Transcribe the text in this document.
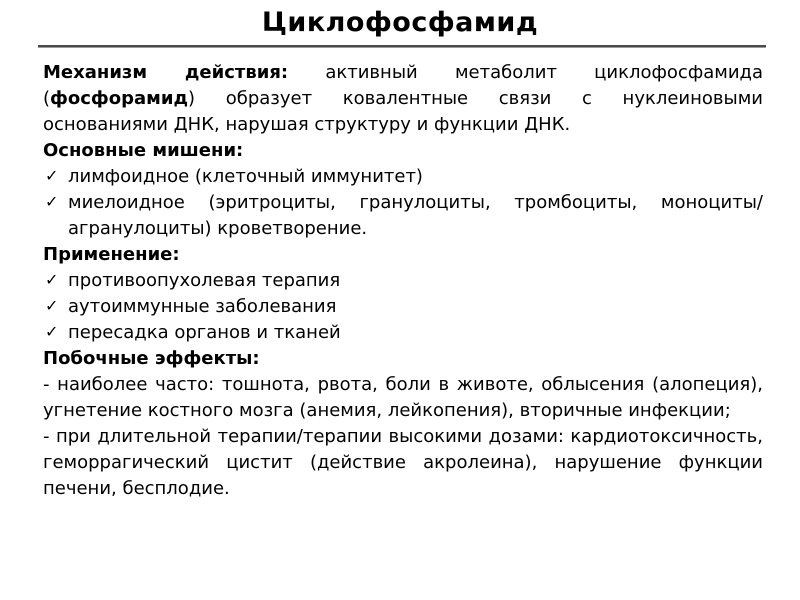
Циклофосфамид

Механизм действия: активный метаболит циклофосфамида (фосфорамид) образует ковалентные связи с нуклеиновыми основаниями ДНК, нарушая структуру и функции ДНК.

Основные мишени:

✓ лимфоидное (клеточный иммунитет)
✓ миелоидное (эритроциты, гранулоциты, тромбоциты, моноциты/агранулоциты) кроветворение.

Применение:

✓ противоопухолевая терапия
✓ аутоиммунные заболевания
✓ пересадка органов и тканей

Побочные эффекты:

- наиболее часто: тошнота, рвота, боли в животе, облысения (алопеция), угнетение костного мозга (анемия, лейкопения), вторичные инфекции;

- при длительной терапии/терапии высокими дозами: кардиотоксичность, геморрагический цистит (действие акролеина), нарушение функции печени, бесплодие.
